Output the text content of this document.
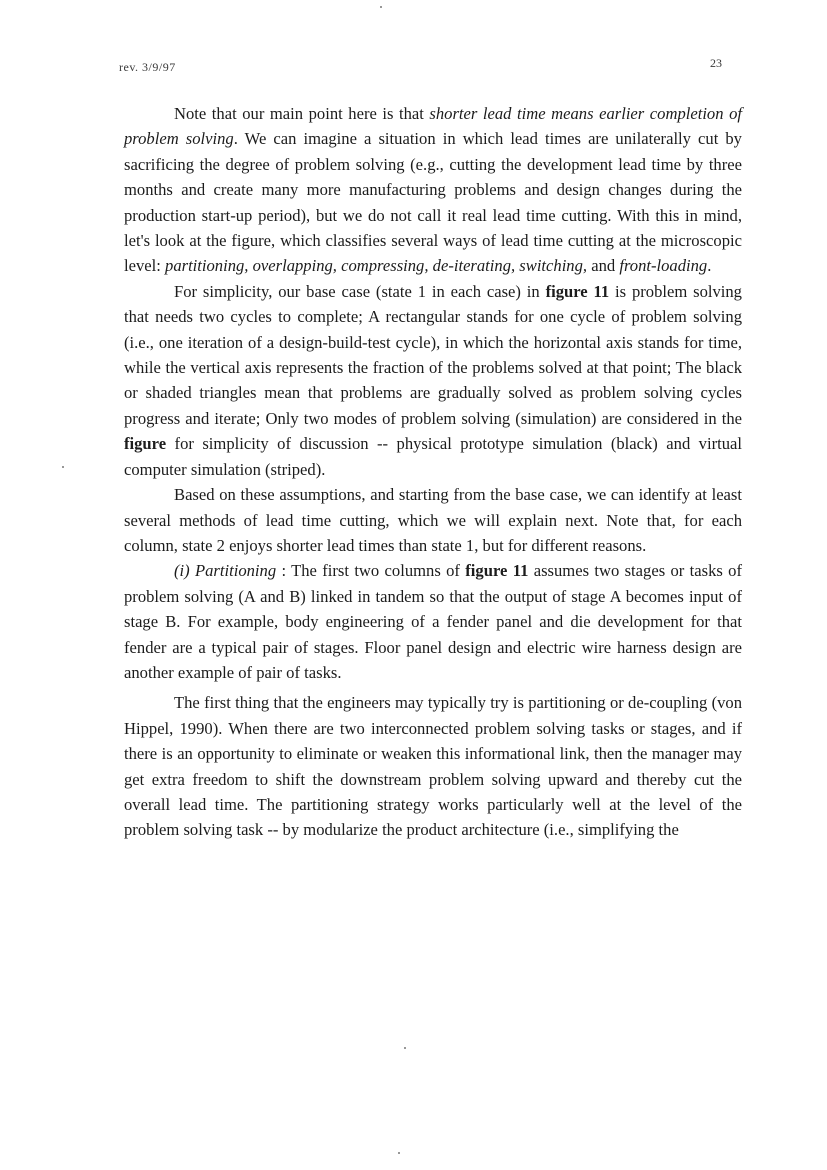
rev. 3/9/97	23

Note that our main point here is that shorter lead time means earlier completion of problem solving. We can imagine a situation in which lead times are unilaterally cut by sacrificing the degree of problem solving (e.g., cutting the development lead time by three months and create many more manufacturing problems and design changes during the production start-up period), but we do not call it real lead time cutting. With this in mind, let's look at the figure, which classifies several ways of lead time cutting at the microscopic level: partitioning, overlapping, compressing, de-iterating, switching, and front-loading.

For simplicity, our base case (state 1 in each case) in figure 11 is problem solving that needs two cycles to complete; A rectangular stands for one cycle of problem solving (i.e., one iteration of a design-build-test cycle), in which the horizontal axis stands for time, while the vertical axis represents the fraction of the problems solved at that point; The black or shaded triangles mean that problems are gradually solved as problem solving cycles progress and iterate; Only two modes of problem solving (simulation) are considered in the figure for simplicity of discussion -- physical prototype simulation (black) and virtual computer simulation (striped).

Based on these assumptions, and starting from the base case, we can identify at least several methods of lead time cutting, which we will explain next. Note that, for each column, state 2 enjoys shorter lead times than state 1, but for different reasons.

(i) Partitioning : The first two columns of figure 11 assumes two stages or tasks of problem solving (A and B) linked in tandem so that the output of stage A becomes input of stage B. For example, body engineering of a fender panel and die development for that fender are a typical pair of stages. Floor panel design and electric wire harness design are another example of pair of tasks.

The first thing that the engineers may typically try is partitioning or de-coupling (von Hippel, 1990). When there are two interconnected problem solving tasks or stages, and if there is an opportunity to eliminate or weaken this informational link, then the manager may get extra freedom to shift the downstream problem solving upward and thereby cut the overall lead time. The partitioning strategy works particularly well at the level of the problem solving task -- by modularize the product architecture (i.e., simplifying the
